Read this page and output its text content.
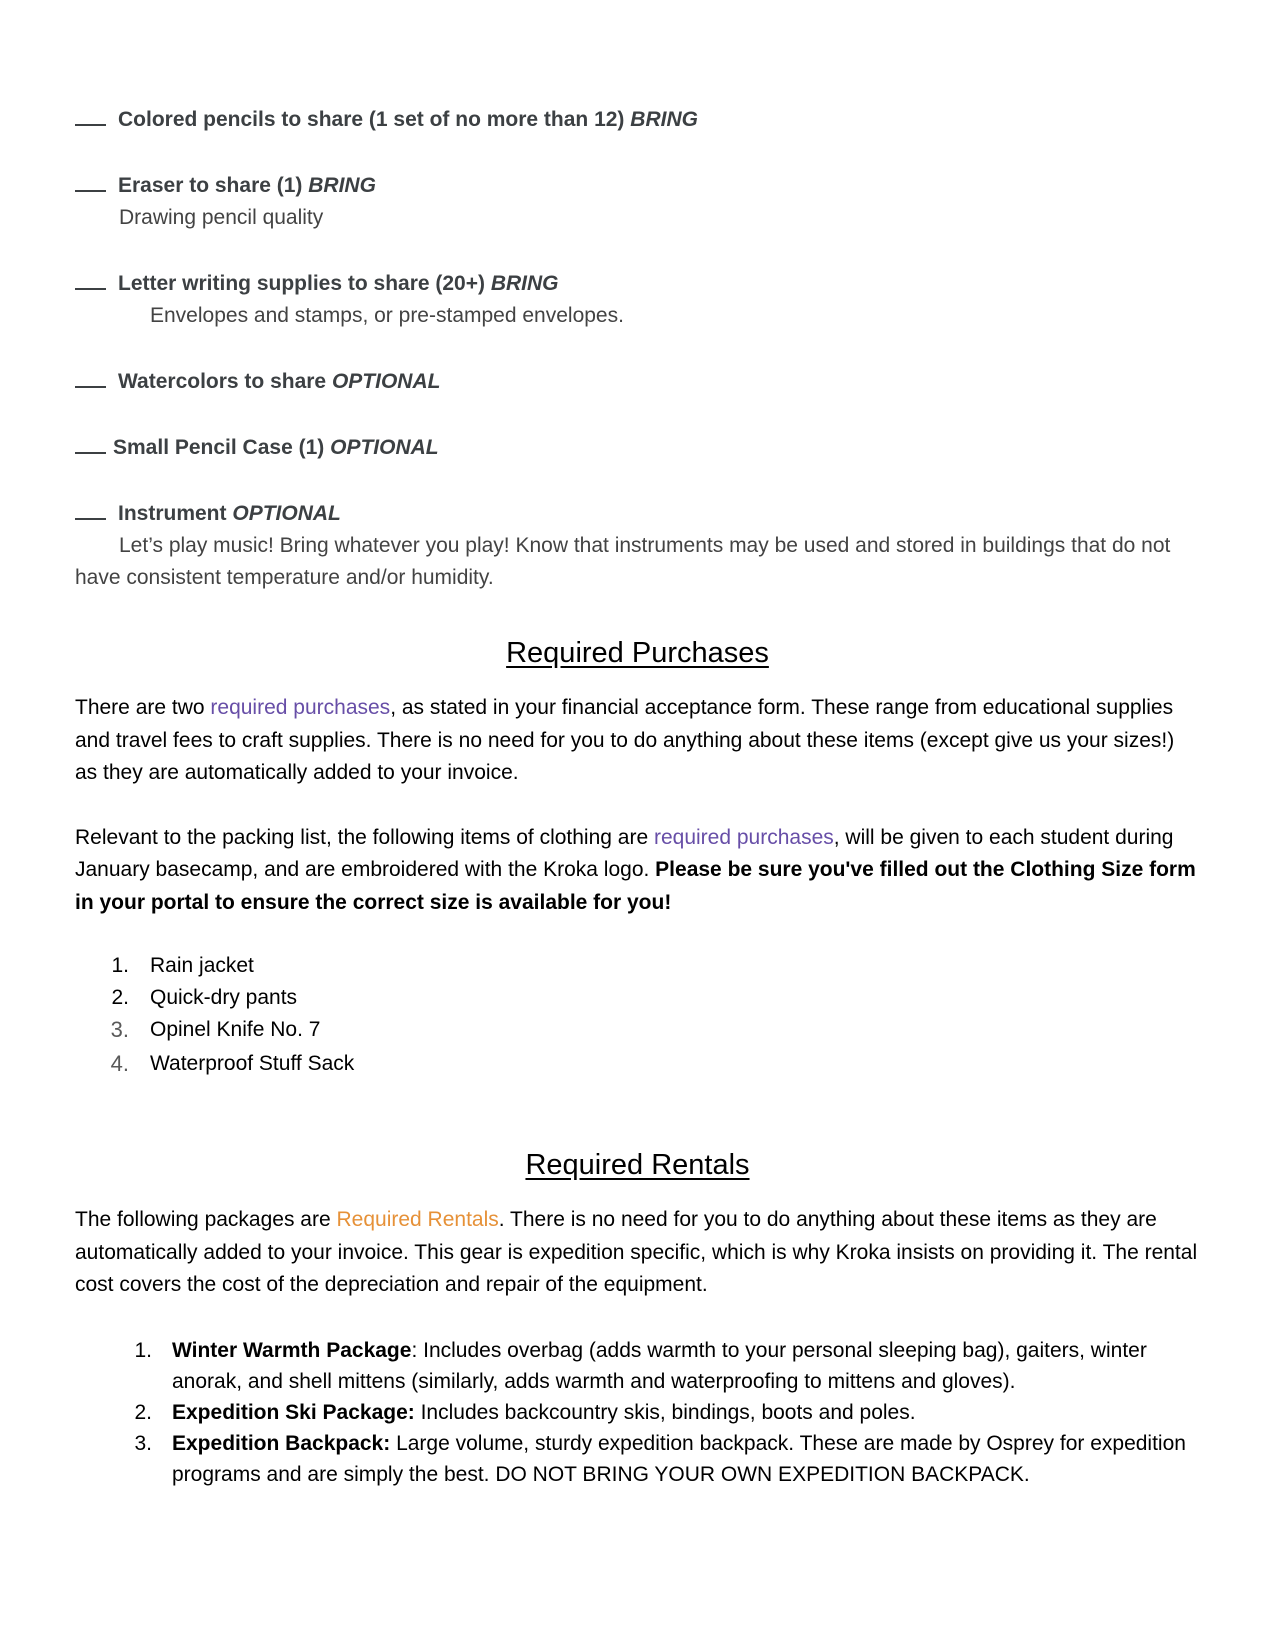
Colored pencils to share (1 set of no more than 12) BRING
Eraser to share (1) BRING
Drawing pencil quality
Letter writing supplies to share (20+) BRING
Envelopes and stamps, or pre-stamped envelopes.
Watercolors to share OPTIONAL
Small Pencil Case (1) OPTIONAL
Instrument OPTIONAL
Let’s play music! Bring whatever you play! Know that instruments may be used and stored in buildings that do not have consistent temperature and/or humidity.
Required Purchases

There are two required purchases, as stated in your financial acceptance form. These range from educational supplies and travel fees to craft supplies. There is no need for you to do anything about these items (except give us your sizes!) as they are automatically added to your invoice.

Relevant to the packing list, the following items of clothing are required purchases, will be given to each student during January basecamp, and are embroidered with the Kroka logo. Please be sure you've filled out the Clothing Size form in your portal to ensure the correct size is available for you!

1. Rain jacket
2. Quick-dry pants
3. Opinel Knife No. 7
4. Waterproof Stuff Sack
Required Rentals

The following packages are Required Rentals. There is no need for you to do anything about these items as they are automatically added to your invoice. This gear is expedition specific, which is why Kroka insists on providing it. The rental cost covers the cost of the depreciation and repair of the equipment.

1. Winter Warmth Package: Includes overbag (adds warmth to your personal sleeping bag), gaiters, winter anorak, and shell mittens (similarly, adds warmth and waterproofing to mittens and gloves).
2. Expedition Ski Package: Includes backcountry skis, bindings, boots and poles.
3. Expedition Backpack: Large volume, sturdy expedition backpack. These are made by Osprey for expedition programs and are simply the best. DO NOT BRING YOUR OWN EXPEDITION BACKPACK.
